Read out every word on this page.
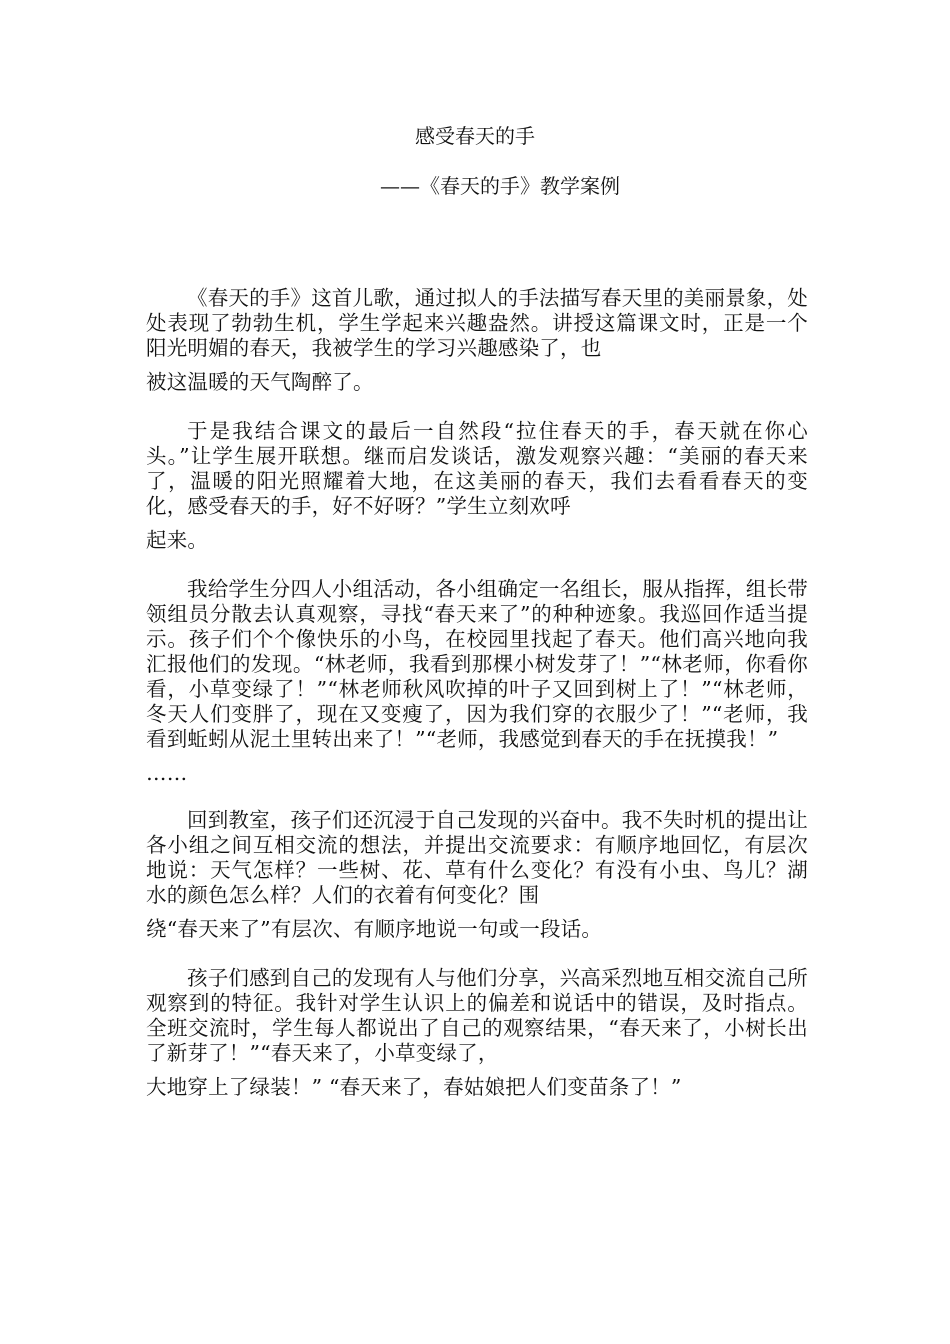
感受春天的手
——《春天的手》教学案例

《春天的手》这首儿歌，通过拟人的手法描写春天里的美丽景象，处处表现了勃勃生机，学生学起来兴趣盎然。讲授这篇课文时，正是一个阳光明媚的春天，我被学生的学习兴趣感染了，也
被这温暖的天气陶醉了。

于是我结合课文的最后一自然段“拉住春天的手，春天就在你心头。”让学生展开联想。继而启发谈话，激发观察兴趣：“美丽的春天来了，温暖的阳光照耀着大地，在这美丽的春天，我们去看看春天的变化，感受春天的手，好不好呀？”学生立刻欢呼
起来。

我给学生分四人小组活动，各小组确定一名组长，服从指挥，组长带领组员分散去认真观察，寻找“春天来了”的种种迹象。我巡回作适当提示。孩子们个个像快乐的小鸟，在校园里找起了春天。他们高兴地向我汇报他们的发现。“林老师，我看到那棵小树发芽了！”“林老师，你看你看，小草变绿了！”“林老师秋风吹掉的叶子又回到树上了！”“林老师，冬天人们变胖了，现在又变瘦了，因为我们穿的衣服少了！”“老师，我看到蚯蚓从泥土里转出来了！”“老师，我感觉到春天的手在抚摸我！”
……

回到教室，孩子们还沉浸于自己发现的兴奋中。我不失时机的提出让各小组之间互相交流的想法，并提出交流要求：有顺序地回忆，有层次地说：天气怎样？一些树、花、草有什么变化？有没有小虫、鸟儿？湖水的颜色怎么样？人们的衣着有何变化？围
绕“春天来了”有层次、有顺序地说一句或一段话。

孩子们感到自己的发现有人与他们分享，兴高采烈地互相交流自己所观察到的特征。我针对学生认识上的偏差和说话中的错误，及时指点。全班交流时，学生每人都说出了自己的观察结果，“春天来了，小树长出了新芽了！”“春天来了，小草变绿了，
大地穿上了绿装！” “春天来了，春姑娘把人们变苗条了！”
